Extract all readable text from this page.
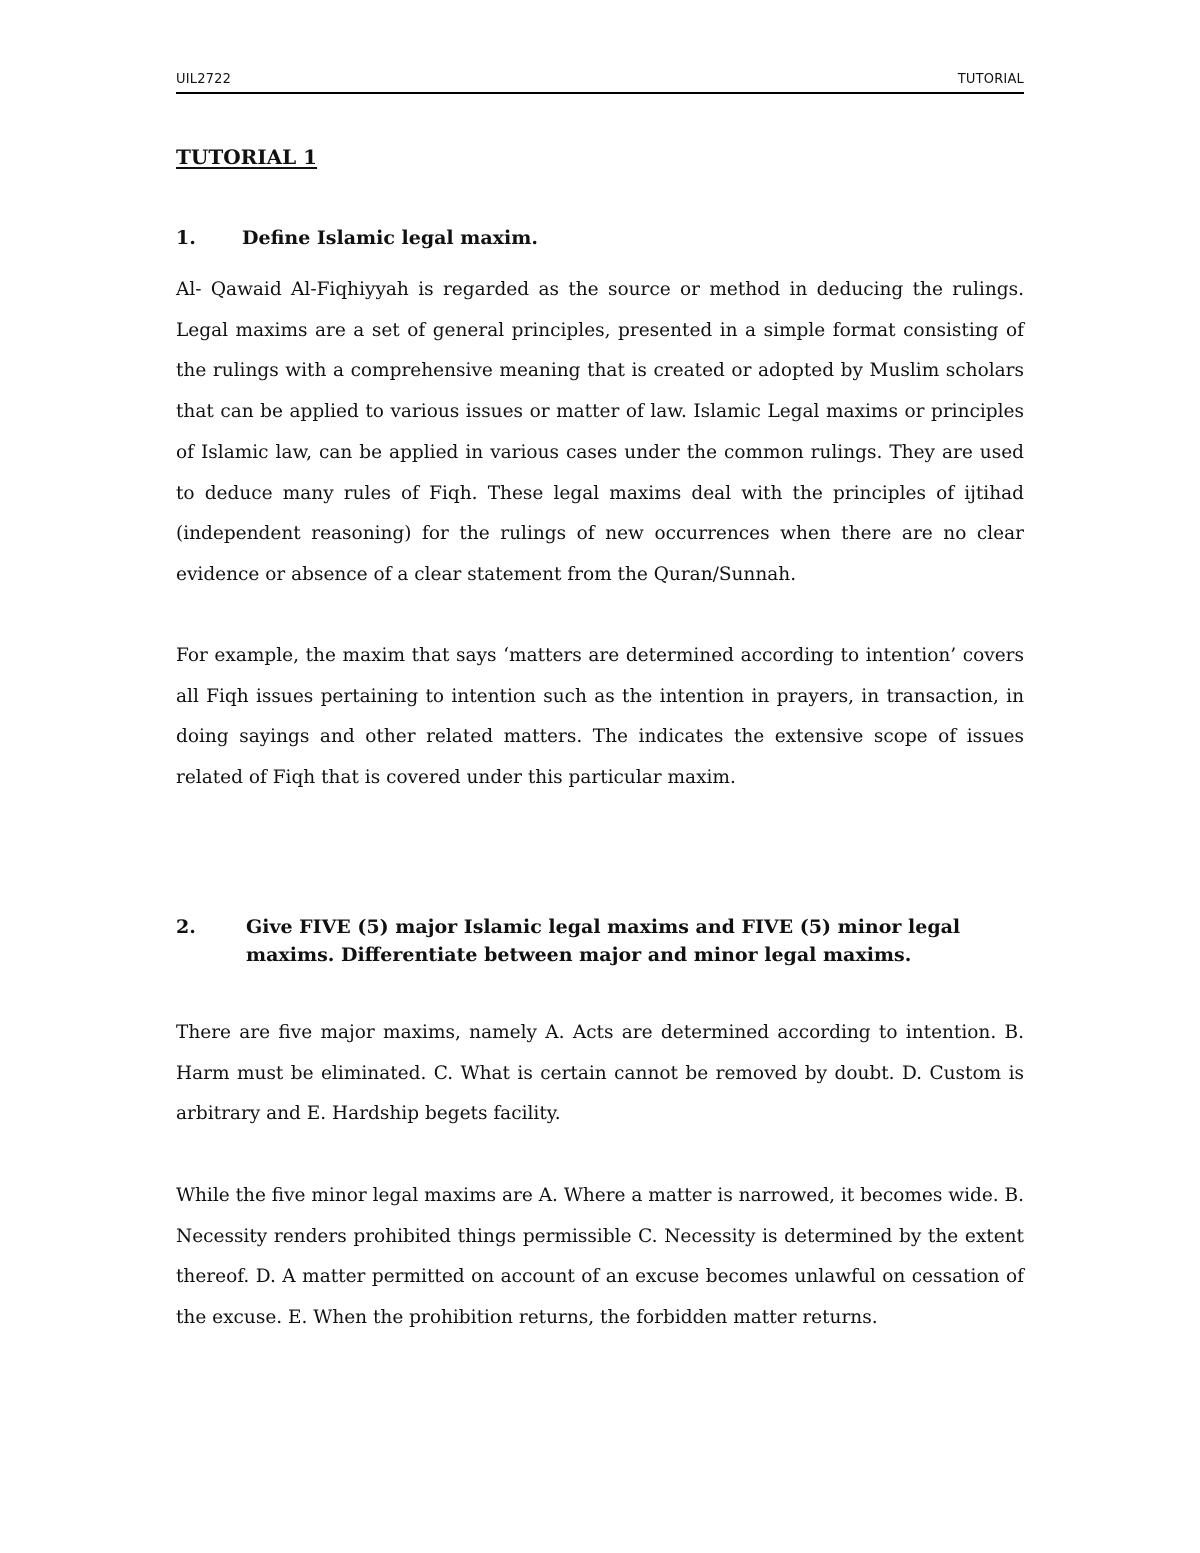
UIL2722	TUTORIAL
TUTORIAL 1
1. Define Islamic legal maxim.

Al- Qawaid Al-Fiqhiyyah is regarded as the source or method in deducing the rulings. Legal maxims are a set of general principles, presented in a simple format consisting of the rulings with a comprehensive meaning that is created or adopted by Muslim scholars that can be applied to various issues or matter of law. Islamic Legal maxims or principles of Islamic law, can be applied in various cases under the common rulings. They are used to deduce many rules of Fiqh. These legal maxims deal with the principles of ijtihad (independent reasoning) for the rulings of new occurrences when there are no clear evidence or absence of a clear statement from the Quran/Sunnah.

For example, the maxim that says ‘matters are determined according to intention’ covers all Fiqh issues pertaining to intention such as the intention in prayers, in transaction, in doing sayings and other related matters. The indicates the extensive scope of issues related of Fiqh that is covered under this particular maxim.

2.	Give FIVE (5) major Islamic legal maxims and FIVE (5) minor legal maxims. Differentiate between major and minor legal maxims.

There are five major maxims, namely A. Acts are determined according to intention. B. Harm must be eliminated. C. What is certain cannot be removed by doubt. D. Custom is arbitrary and E. Hardship begets facility.

While the five minor legal maxims are A. Where a matter is narrowed, it becomes wide. B. Necessity renders prohibited things permissible C. Necessity is determined by the extent thereof. D. A matter permitted on account of an excuse becomes unlawful on cessation of the excuse. E. When the prohibition returns, the forbidden matter returns.
